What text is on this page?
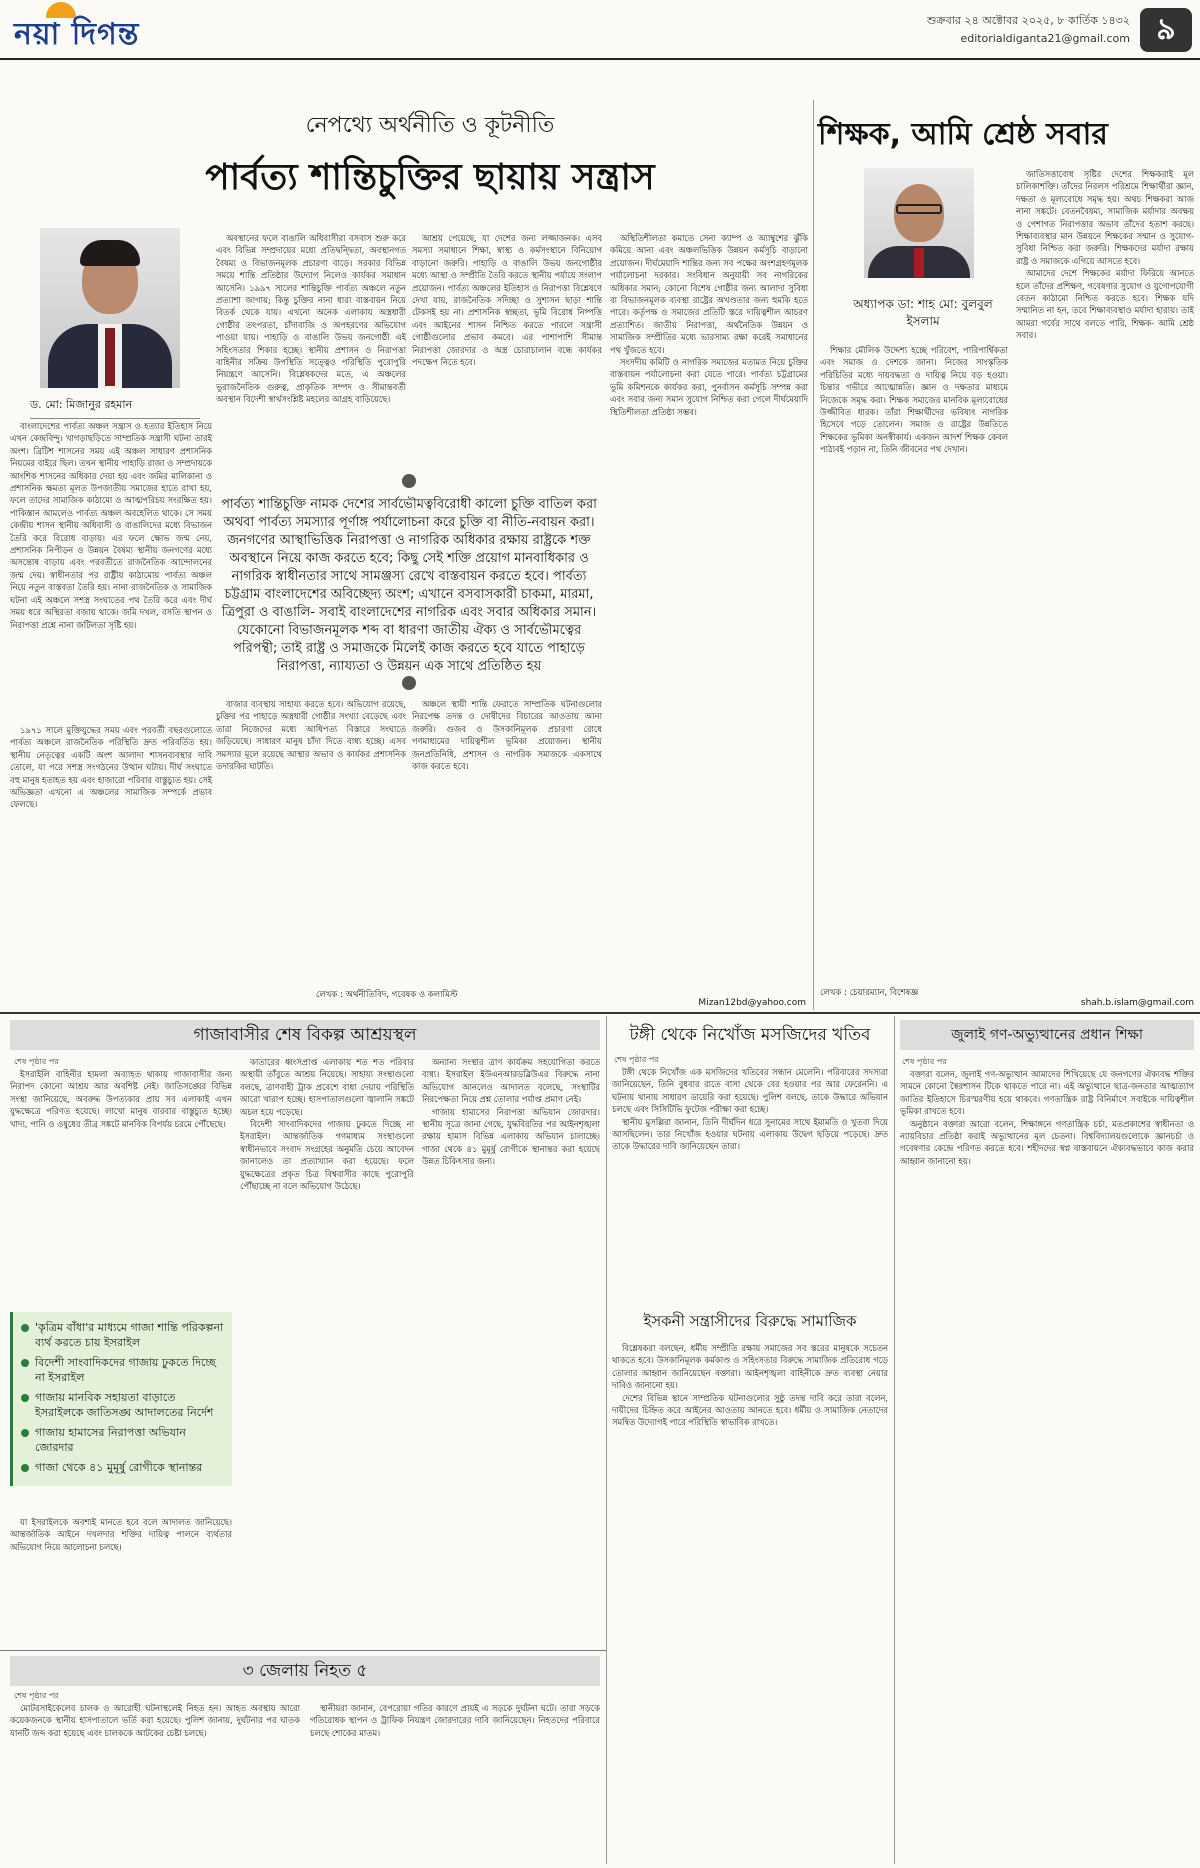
নয়া দিগন্ত	শুক্রবার ২৪ অক্টোবর ২০২৫, ৮ কার্তিক ১৪৩২
editorialdiganta21@gmail.com ৯
নেপথ্যে অর্থনীতি ও কূটনীতি
পার্বত্য শান্তিচুক্তির ছায়ায় সন্ত্রাস
ড. মো: মিজানুর রহমান

বাংলাদেশের পার্বত্য অঞ্চল সন্ত্রাস ও হত্যার ইতিহাস নিয়ে এখন কেন্দ্রবিন্দু। খাগড়াছড়িতে সাম্প্রতিক সন্ত্রাসী ঘটনা তারই অংশ। ব্রিটিশ শাসনের সময় এই অঞ্চল সাধারণ প্রশাসনিক নিয়মের বাইরে ছিল। তখন স্থানীয় পাহাড়ি রাজা ও সম্প্রদায়কে আংশিক শাসনের অধিকার দেয়া হয় এবং জমির মালিকানা ও প্রশাসনিক ক্ষমতা মূলত উপজাতীয় সমাজের হাতে রাখা হয়, ফলে তাদের সামাজিক কাঠামো ও আত্মপরিচয় সংরক্ষিত হয়। পাকিস্তান আমলেও পার্বত্য অঞ্চল অবহেলিত থাকে। সে সময় কেন্দ্রীয় শাসন স্থানীয় অধিবাসী ও বাঙালিদের মধ্যে বিভাজন তৈরি করে বিরোধ বাড়ায়। এর ফলে ক্ষোভ জন্ম নেয়, প্রশাসনিক নিপীড়ন ও উন্নয়ন বৈষম্য স্থানীয় জনগণের মধ্যে অসন্তোষ বাড়ায় এবং পরবর্তীতে রাজনৈতিক আন্দোলনের জন্ম দেয়। স্বাধীনতার পর রাষ্ট্রীয় কাঠামোয় পার্বত্য অঞ্চল নিয়ে নতুন বাস্তবতা তৈরি হয়। নানা রাজনৈতিক ও সামাজিক ঘটনা এই অঞ্চলে সশস্ত্র সংঘাতের পথ তৈরি করে এবং দীর্ঘ সময় ধরে অস্থিরতা বজায় থাকে। জমি দখল, বসতি স্থাপন ও নিরাপত্তা প্রশ্নে নানা জটিলতা সৃষ্টি হয়।

১৯৭১ সালে মুক্তিযুদ্ধের সময় এবং পরবর্তী বছরগুলোতে পার্বত্য অঞ্চলে রাজনৈতিক পরিস্থিতি দ্রুত পরিবর্তিত হয়। স্থানীয় নেতৃত্বের একটি অংশ আলাদা শাসনব্যবস্থার দাবি তোলে, যা পরে সশস্ত্র সংগঠনের উত্থান ঘটায়। দীর্ঘ সংঘাতে বহু মানুষ হতাহত হয় এবং হাজারো পরিবার বাস্তুচ্যুত হয়। সেই অভিজ্ঞতা এখনো এ অঞ্চলের সামাজিক সম্পর্কে প্রভাব ফেলছে।

অবস্থানের ফলে বাঙালি অধিবাসীরা বসবাস শুরু করে এবং বিভিন্ন সম্প্রদায়ের মধ্যে প্রতিদ্বন্দ্বিতা, অবস্থানগত বৈষম্য ও বিভাজনমূলক প্রচারণা বাড়ে। সরকার বিভিন্ন সময়ে শান্তি প্রতিষ্ঠার উদ্যোগ নিলেও কার্যকর সমাধান আসেনি। ১৯৯৭ সালের শান্তিচুক্তি পার্বত্য অঞ্চলে নতুন প্রত্যাশা জাগায়; কিন্তু চুক্তির নানা ধারা বাস্তবায়ন নিয়ে বিতর্ক থেকে যায়। এখনো অনেক এলাকায় অস্ত্রধারী গোষ্ঠীর তৎপরতা, চাঁদাবাজি ও অপহরণের অভিযোগ পাওয়া যায়। পাহাড়ি ও বাঙালি উভয় জনগোষ্ঠী এই সহিংসতার শিকার হচ্ছে। স্থানীয় প্রশাসন ও নিরাপত্তা বাহিনীর সক্রিয় উপস্থিতি সত্ত্বেও পরিস্থিতি পুরোপুরি নিয়ন্ত্রণে আসেনি। বিশ্লেষকদের মতে, এ অঞ্চলের ভূরাজনৈতিক গুরুত্ব, প্রাকৃতিক সম্পদ ও সীমান্তবর্তী অবস্থান বিদেশী স্বার্থসংশ্লিষ্ট মহলের আগ্রহ বাড়িয়েছে।

আশ্রয় পেয়েছে, যা দেশের জন্য লজ্জাজনক। এসব সমস্যা সমাধানে শিক্ষা, স্বাস্থ্য ও কর্মসংস্থানে বিনিয়োগ বাড়ানো জরুরি। পাহাড়ি ও বাঙালি উভয় জনগোষ্ঠীর মধ্যে আস্থা ও সম্প্রীতি তৈরি করতে স্থানীয় পর্যায়ে সংলাপ প্রয়োজন। পার্বত্য অঞ্চলের ইতিহাস ও নিরাপত্তা বিশ্লেষণে দেখা যায়, রাজনৈতিক সদিচ্ছা ও সুশাসন ছাড়া শান্তি টেকসই হয় না। প্রশাসনিক স্বচ্ছতা, ভূমি বিরোধ নিষ্পত্তি এবং আইনের শাসন নিশ্চিত করতে পারলে সন্ত্রাসী গোষ্ঠীগুলোর প্রভাব কমবে। এর পাশাপাশি সীমান্ত নিরাপত্তা জোরদার ও অস্ত্র চোরাচালান বন্ধে কার্যকর পদক্ষেপ নিতে হবে।

পার্বত্য শান্তিচুক্তি নামক দেশের সার্বভৌমত্ববিরোধী কালো চুক্তি বাতিল করা অথবা পার্বত্য সমস্যার পূর্ণাঙ্গ পর্যালোচনা করে চুক্তি বা নীতি-নবায়ন করা। জনগণের আস্থাভিত্তিক নিরাপত্তা ও নাগরিক অধিকার রক্ষায় রাষ্ট্রকে শক্ত অবস্থানে নিয়ে কাজ করতে হবে; কিছু সেই শক্তি প্রয়োগ মানবাধিকার ও নাগরিক স্বাধীনতার সাথে সামঞ্জস্য রেখে বাস্তবায়ন করতে হবে। পার্বত্য চট্টগ্রাম বাংলাদেশের অবিচ্ছেদ্য অংশ; এখানে বসবাসকারী চাকমা, মারমা, ত্রিপুরা ও বাঙালি- সবাই বাংলাদেশের নাগরিক এবং সবার অধিকার সমান। যেকোনো বিভাজনমূলক শব্দ বা ধারণা জাতীয় ঐক্য ও সার্বভৌমত্বের পরিপন্থী; তাই রাষ্ট্র ও সমাজকে মিলেই কাজ করতে হবে যাতে পাহাড়ে নিরাপত্তা, ন্যায্যতা ও উন্নয়ন এক সাথে প্রতিষ্ঠিত হয়

বাজার ব্যবস্থায় সাহায্য করতে হবে। অভিযোগ রয়েছে, চুক্তির পর পাহাড়ে অস্ত্রধারী গোষ্ঠীর সংখ্যা বেড়েছে এবং তারা নিজেদের মধ্যে আধিপত্য বিস্তারে সংঘাতে জড়িয়েছে। সাধারণ মানুষ চাঁদা দিতে বাধ্য হচ্ছে। এসব সমস্যার মূলে রয়েছে আস্থার অভাব ও কার্যকর প্রশাসনিক তদারকির ঘাটতি।

অঞ্চলে স্থায়ী শান্তি ফেরাতে সাম্প্রতিক ঘটনাগুলোর নিরপেক্ষ তদন্ত ও দোষীদের বিচারের আওতায় আনা জরুরি। গুজব ও উসকানিমূলক প্রচারণা রোধে গণমাধ্যমের দায়িত্বশীল ভূমিকা প্রয়োজন। স্থানীয় জনপ্রতিনিধি, প্রশাসন ও নাগরিক সমাজকে একসাথে কাজ করতে হবে।

অস্থিতিশীলতা কমাতে সেনা ক্যাম্প ও অ্যাম্বুশের ঝুঁকি কমিয়ে আনা এবং অঞ্চলভিত্তিক উন্নয়ন কর্মসূচি বাড়ানো প্রয়োজন। দীর্ঘমেয়াদি শান্তির জন্য সব পক্ষের অংশগ্রহণমূলক পর্যালোচনা দরকার। সংবিধান অনুযায়ী সব নাগরিকের অধিকার সমান; কোনো বিশেষ গোষ্ঠীর জন্য আলাদা সুবিধা বা বিভাজনমূলক ব্যবস্থা রাষ্ট্রের অখণ্ডতার জন্য হুমকি হতে পারে। কর্তৃপক্ষ ও সমাজের প্রতিটি স্তরে দায়িত্বশীল আচরণ প্রত্যাশিত। জাতীয় নিরাপত্তা, অর্থনৈতিক উন্নয়ন ও সামাজিক সম্প্রীতির মধ্যে ভারসাম্য রক্ষা করেই সমাধানের পথ খুঁজতে হবে।

সংসদীয় কমিটি ও নাগরিক সমাজের মতামত নিয়ে চুক্তির বাস্তবায়ন পর্যালোচনা করা যেতে পারে। পার্বত্য চট্টগ্রামের ভূমি কমিশনকে কার্যকর করা, পুনর্বাসন কর্মসূচি সম্পন্ন করা এবং সবার জন্য সমান সুযোগ নিশ্চিত করা গেলে দীর্ঘমেয়াদি স্থিতিশীলতা প্রতিষ্ঠা সম্ভব।

লেখক : অর্থনীতিবিদ, গবেষক ও কলামিস্ট
Mizan12bd@yahoo.com
শিক্ষক, আমি শ্রেষ্ঠ সবার
অধ্যাপক ডা: শাহ মো: বুলবুল ইসলাম

শিক্ষার মৌলিক উদ্দেশ্য হচ্ছে পরিবেশ, পারিপার্শ্বিকতা এবং সমাজ ও দেশকে জানা। নিজের সাংস্কৃতিক পরিচিতির মধ্যে দায়বদ্ধতা ও দায়িত্ব নিয়ে বড় হওয়া। চিন্তার গভীরে আত্মোন্নতি। জ্ঞান ও দক্ষতার মাধ্যমে নিজেকে সমৃদ্ধ করা। শিক্ষক সমাজের মানবিক মূল্যবোধের উজ্জীবিত ধারক। তাঁরা শিক্ষার্থীদের ভবিষ্যৎ নাগরিক হিসেবে গড়ে তোলেন। সমাজ ও রাষ্ট্রের উন্নতিতে শিক্ষকের ভূমিকা অনস্বীকার্য। একজন আদর্শ শিক্ষক কেবল পাঠ্যবই পড়ান না, তিনি জীবনের পথ দেখান।

জাতিসত্তাবোধ সৃষ্টির দেশের শিক্ষকরাই মূল চালিকাশক্তি। তাঁদের নিরলস পরিশ্রমে শিক্ষার্থীরা জ্ঞান, দক্ষতা ও মূল্যবোধে সমৃদ্ধ হয়। অথচ শিক্ষকরা আজ নানা সঙ্কটে। বেতনবৈষম্য, সামাজিক মর্যাদার অবক্ষয় ও পেশাগত নিরাপত্তার অভাব তাঁদের হতাশ করছে। শিক্ষাব্যবস্থার মান উন্নয়নে শিক্ষকের সম্মান ও সুযোগ-সুবিধা নিশ্চিত করা জরুরি। শিক্ষকদের মর্যাদা রক্ষায় রাষ্ট্র ও সমাজকে এগিয়ে আসতে হবে।

আমাদের দেশে শিক্ষকের মর্যাদা ফিরিয়ে আনতে হলে তাঁদের প্রশিক্ষণ, গবেষণার সুযোগ ও যুগোপযোগী বেতন কাঠামো নিশ্চিত করতে হবে। শিক্ষক যদি সম্মানিত না হন, তবে শিক্ষাব্যবস্থাও মর্যাদা হারায়। তাই আমরা গর্বের সাথে বলতে পারি, শিক্ষক- আমি শ্রেষ্ঠ সবার।

লেখক : চেয়ারম্যান, বিশেষজ্ঞ
shah.b.islam@gmail.com
গাজাবাসীর শেষ বিকল্প আশ্রয়স্থল
শেষ পৃষ্ঠার পর

ইসরাইলি বাহিনীর হামলা অব্যাহত থাকায় গাজাবাসীর জন্য নিরাপদ কোনো আশ্রয় আর অবশিষ্ট নেই। জাতিসঙ্ঘের বিভিন্ন সংস্থা জানিয়েছে, অবরুদ্ধ উপত্যকার প্রায় সব এলাকাই এখন যুদ্ধক্ষেত্রে পরিণত হয়েছে। লাখো মানুষ বারবার বাস্তুচ্যুত হচ্ছে। খাদ্য, পানি ও ওষুধের তীব্র সঙ্কটে মানবিক বিপর্যয় চরমে পৌঁছেছে।

'কৃত্রিম বাঁধা'র মাধ্যমে গাজা শান্তি পরিকল্পনা ব্যর্থ করতে চায় ইসরাইল
বিদেশী সাংবাদিকদের গাজায় ঢুকতে দিচ্ছে না ইসরাইল
গাজায় মানবিক সহায়তা বাড়াতে ইসরাইলকে জাতিসঙ্ঘ আদালতের নির্দেশ
গাজায় হামাসের নিরাপত্তা অভিযান জোরদার
গাজা থেকে ৪১ মুমূর্ষু রোগীকে স্থানান্তর

যা ইসরাইলকে অবশ্যই মানতে হবে বলে আদালত জানিয়েছে। আন্তর্জাতিক আইনে দখলদার শক্তির দায়িত্ব পালনে ব্যর্থতার অভিযোগ নিয়ে আলোচনা চলছে।

কাতারের ধ্বংসপ্রাপ্ত এলাকায় শত শত পরিবার অস্থায়ী তাঁবুতে আশ্রয় নিয়েছে। সাহায্য সংস্থাগুলো বলছে, ত্রাণবাহী ট্রাক প্রবেশে বাধা দেয়ায় পরিস্থিতি আরো খারাপ হচ্ছে। হাসপাতালগুলো জ্বালানি সঙ্কটে অচল হয়ে পড়েছে।

বিদেশী সাংবাদিকদের গাজায় ঢুকতে দিচ্ছে না ইসরাইল। আন্তর্জাতিক গণমাধ্যম সংস্থাগুলো স্বাধীনভাবে সংবাদ সংগ্রহের অনুমতি চেয়ে আবেদন জানালেও তা প্রত্যাখ্যান করা হয়েছে। ফলে যুদ্ধক্ষেত্রের প্রকৃত চিত্র বিশ্ববাসীর কাছে পুরোপুরি পৌঁছাচ্ছে না বলে অভিযোগ উঠেছে।

অন্যান্য সংস্থার ত্রাণ কার্যক্রম সহযোগিতা করতে বাধ্য। ইসরাইল ইউএনআরডব্লিউএর বিরুদ্ধে নানা অভিযোগ আনলেও আদালত বলেছে, সংস্থাটির নিরপেক্ষতা নিয়ে প্রশ্ন তোলার পর্যাপ্ত প্রমাণ নেই।

গাজায় হামাসের নিরাপত্তা অভিযান জোরদার। স্থানীয় সূত্রে জানা গেছে, যুদ্ধবিরতির পর আইনশৃঙ্খলা রক্ষায় হামাস বিভিন্ন এলাকায় অভিযান চালাচ্ছে। গাজা থেকে ৪১ মুমূর্ষু রোগীকে স্থানান্তর করা হয়েছে উন্নত চিকিৎসার জন্য।

টঙ্গী থেকে নিখোঁজ মসজিদের খতিব
শেষ পৃষ্ঠার পর

টঙ্গী থেকে নিখোঁজ এক মসজিদের খতিবের সন্ধান মেলেনি। পরিবারের সদস্যরা জানিয়েছেন, তিনি বুধবার রাতে বাসা থেকে বের হওয়ার পর আর ফেরেননি। এ ঘটনায় থানায় সাধারণ ডায়েরি করা হয়েছে। পুলিশ বলছে, তাকে উদ্ধারে অভিযান চলছে এবং সিসিটিভি ফুটেজ পরীক্ষা করা হচ্ছে।

স্থানীয় মুসল্লিরা জানান, তিনি দীর্ঘদিন ধরে সুনামের সাথে ইমামতি ও খুতবা দিয়ে আসছিলেন। তার নিখোঁজ হওয়ার ঘটনায় এলাকায় উদ্বেগ ছড়িয়ে পড়েছে। দ্রুত তাকে উদ্ধারের দাবি জানিয়েছেন তারা।

ইসকনী সন্ত্রাসীদের বিরুদ্ধে সামাজিক

বিশ্লেষকরা বলছেন, ধর্মীয় সম্প্রীতি রক্ষায় সমাজের সব স্তরের মানুষকে সচেতন থাকতে হবে। উসকানিমূলক কর্মকাণ্ড ও সহিংসতার বিরুদ্ধে সামাজিক প্রতিরোধ গড়ে তোলার আহ্বান জানিয়েছেন বক্তারা। আইনশৃঙ্খলা বাহিনীকে দ্রুত ব্যবস্থা নেয়ার দাবিও জানানো হয়।

দেশের বিভিন্ন স্থানে সাম্প্রতিক ঘটনাগুলোর সুষ্ঠু তদন্ত দাবি করে তারা বলেন, দায়ীদের চিহ্নিত করে আইনের আওতায় আনতে হবে। ধর্মীয় ও সামাজিক নেতাদের সমন্বিত উদ্যোগই পারে পরিস্থিতি স্বাভাবিক রাখতে।

জুলাই গণ-অভ্যুত্থানের প্রধান শিক্ষা
শেষ পৃষ্ঠার পর

বক্তারা বলেন, জুলাই গণ-অভ্যুত্থান আমাদের শিখিয়েছে যে জনগণের ঐক্যবদ্ধ শক্তির সামনে কোনো স্বৈরশাসন টিকে থাকতে পারে না। এই অভ্যুত্থানে ছাত্র-জনতার আত্মত্যাগ জাতির ইতিহাসে চিরস্মরণীয় হয়ে থাকবে। গণতান্ত্রিক রাষ্ট্র বিনির্মাণে সবাইকে দায়িত্বশীল ভূমিকা রাখতে হবে।

অনুষ্ঠানে বক্তারা আরো বলেন, শিক্ষাঙ্গনে গণতান্ত্রিক চর্চা, মতপ্রকাশের স্বাধীনতা ও ন্যায়বিচার প্রতিষ্ঠা করাই অভ্যুত্থানের মূল চেতনা। বিশ্ববিদ্যালয়গুলোকে জ্ঞানচর্চা ও গবেষণার কেন্দ্রে পরিণত করতে হবে। শহীদদের স্বপ্ন বাস্তবায়নে ঐক্যবদ্ধভাবে কাজ করার আহ্বান জানানো হয়।

৩ জেলায় নিহত ৫
শেষ পৃষ্ঠার পর

মোটরসাইকেলের চালক ও আরোহী ঘটনাস্থলেই নিহত হন। আহত অবস্থায় আরো কয়েকজনকে স্থানীয় হাসপাতালে ভর্তি করা হয়েছে। পুলিশ জানায়, দুর্ঘটনার পর ঘাতক যানটি জব্দ করা হয়েছে এবং চালককে আটকের চেষ্টা চলছে।

স্থানীয়রা জানান, বেপরোয়া গতির কারণে প্রায়ই এ সড়কে দুর্ঘটনা ঘটে। তারা সড়কে গতিরোধক স্থাপন ও ট্রাফিক নিয়ন্ত্রণ জোরদারের দাবি জানিয়েছেন। নিহতদের পরিবারে চলছে শোকের মাতম।
